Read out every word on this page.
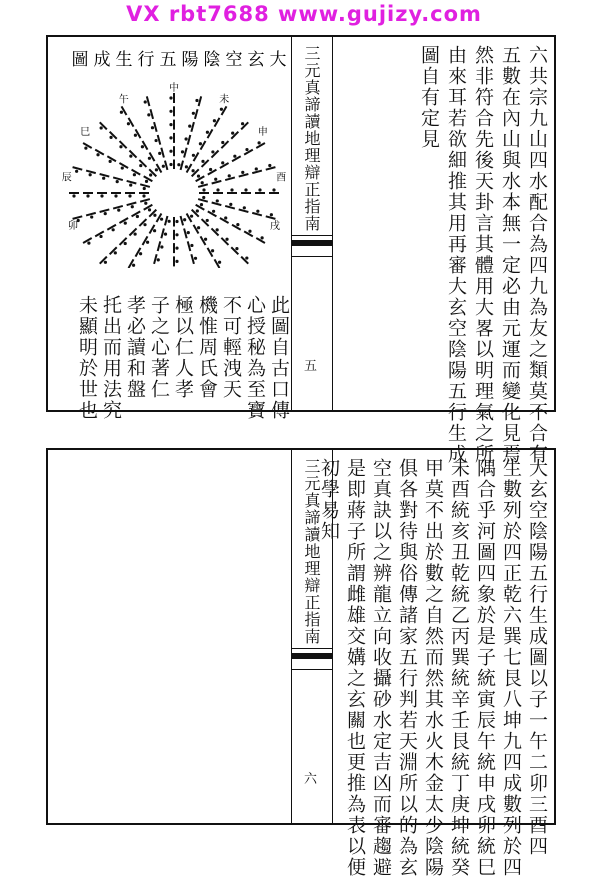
VX rbt7688 www.gujizy.com
六共宗九山四水配合為四九為友之類莫不合有
五數在內山與水本無一定必由元運而變化見焉
然非符合先後天卦言其體用大畧以明理氣之所
由來耳若欲細推其用再審大玄空陰陽五行生成
圖自有定見
三元真諦讀地理辯正指南
五
大
玄
空
陰
陽
五
行
生
成
圖
中
未
申
酉
戌
卯
辰
巳
午
此圖自古口傳
心授秘為至寶
不可輕洩天
機惟周氏會
極以仁人孝
子之心著仁
孝必讀和盤
托出而用法究
未顯明於世也
大玄空陰陽五行生成圖以子一午二卯三酉四
生數列於四正乾六巽七艮八坤九四成數列於四
隅合乎河圖四象於是子統寅辰午統申戌卯統巳
未酉統亥丑乾統乙丙巽統辛壬艮統丁庚坤統癸
甲莫不出於數之自然而然其水火木金太少陰陽
俱各對待與俗傳諸家五行判若天淵所以的為玄
空真訣以之辨龍立向收攝砂水定吉凶而審趨避
是即蔣子所謂雌雄交媾之玄關也更推為表以便
初學易知
三元真諦讀地理辯正指南
六
